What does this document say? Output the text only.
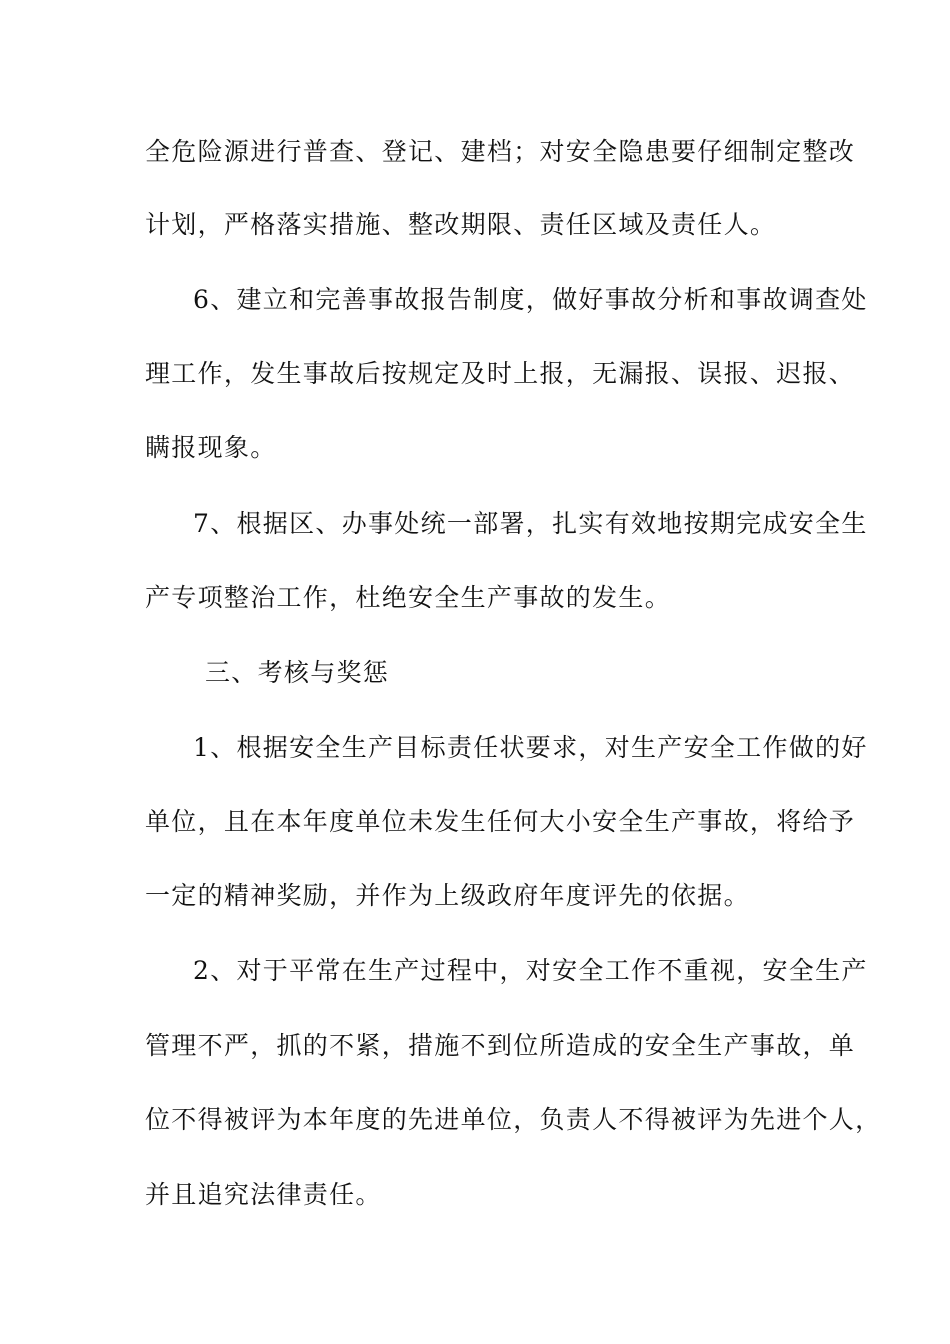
全危险源进行普查、登记、建档；对安全隐患要仔细制定整改
计划，严格落实措施、整改期限、责任区域及责任人。
6、建立和完善事故报告制度，做好事故分析和事故调查处
理工作，发生事故后按规定及时上报，无漏报、误报、迟报、
瞒报现象。
7、根据区、办事处统一部署，扎实有效地按期完成安全生
产专项整治工作，杜绝安全生产事故的发生。
三、考核与奖惩
1、根据安全生产目标责任状要求，对生产安全工作做的好
单位，且在本年度单位未发生任何大小安全生产事故，将给予
一定的精神奖励，并作为上级政府年度评先的依据。
2、对于平常在生产过程中，对安全工作不重视，安全生产
管理不严，抓的不紧，措施不到位所造成的安全生产事故，单
位不得被评为本年度的先进单位，负责人不得被评为先进个人，
并且追究法律责任。
